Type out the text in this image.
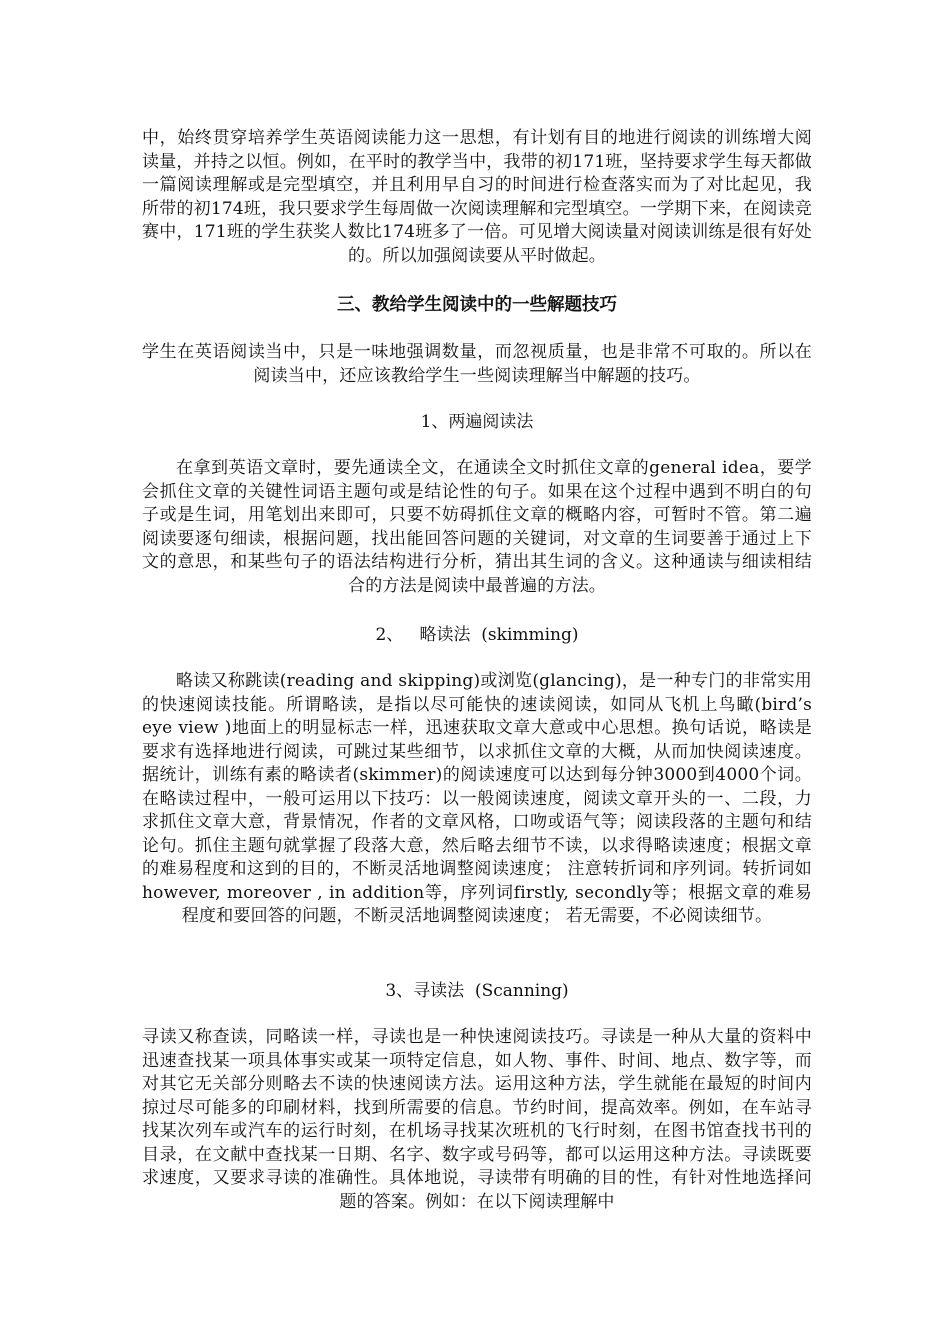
中，始终贯穿培养学生英语阅读能力这一思想，有计划有目的地进行阅读的训练增大阅读量，并持之以恒。例如，在平时的教学当中，我带的初171班，坚持要求学生每天都做一篇阅读理解或是完型填空，并且利用早自习的时间进行检查落实而为了对比起见，我所带的初174班，我只要求学生每周做一次阅读理解和完型填空。一学期下来，在阅读竞赛中，171班的学生获奖人数比174班多了一倍。可见增大阅读量对阅读训练是很有好处的。所以加强阅读要从平时做起。
三、教给学生阅读中的一些解题技巧
学生在英语阅读当中，只是一味地强调数量，而忽视质量，也是非常不可取的。所以在阅读当中，还应该教给学生一些阅读理解当中解题的技巧。
1、两遍阅读法
在拿到英语文章时，要先通读全文，在通读全文时抓住文章的general idea，要学会抓住文章的关键性词语主题句或是结论性的句子。如果在这个过程中遇到不明白的句子或是生词，用笔划出来即可，只要不妨碍抓住文章的概略内容，可暂时不管。第二遍阅读要逐句细读，根据问题，找出能回答问题的关键词，对文章的生词要善于通过上下文的意思，和某些句子的语法结构进行分析，猜出其生词的含义。这种通读与细读相结合的方法是阅读中最普遍的方法。
2、   略读法  (skimming)
略读又称跳读(reading and skipping)或浏览(glancing)，是一种专门的非常实用的快速阅读技能。所谓略读，是指以尽可能快的速读阅读，如同从飞机上鸟瞰(bird’s eye view )地面上的明显标志一样，迅速获取文章大意或中心思想。换句话说，略读是要求有选择地进行阅读，可跳过某些细节，以求抓住文章的大概，从而加快阅读速度。据统计，训练有素的略读者(skimmer)的阅读速度可以达到每分钟3000到4000个词。在略读过程中，一般可运用以下技巧：以一般阅读速度，阅读文章开头的一、二段，力求抓住文章大意，背景情况，作者的文章风格，口吻或语气等；阅读段落的主题句和结论句。抓住主题句就掌握了段落大意，然后略去细节不读，以求得略读速度；根据文章的难易程度和这到的目的，不断灵活地调整阅读速度； 注意转折词和序列词。转折词如however, moreover , in addition等，序列词firstly, secondly等；根据文章的难易程度和要回答的问题，不断灵活地调整阅读速度； 若无需要，不必阅读细节。
3、寻读法  (Scanning)
寻读又称查读，同略读一样，寻读也是一种快速阅读技巧。寻读是一种从大量的资料中迅速查找某一项具体事实或某一项特定信息，如人物、事件、时间、地点、数字等，而对其它无关部分则略去不读的快速阅读方法。运用这种方法，学生就能在最短的时间内掠过尽可能多的印刷材料，找到所需要的信息。节约时间，提高效率。例如，在车站寻找某次列车或汽车的运行时刻，在机场寻找某次班机的飞行时刻，在图书馆查找书刊的目录，在文献中查找某一日期、名字、数字或号码等，都可以运用这种方法。寻读既要求速度，又要求寻读的准确性。具体地说，寻读带有明确的目的性，有针对性地选择问题的答案。例如：在以下阅读理解中
